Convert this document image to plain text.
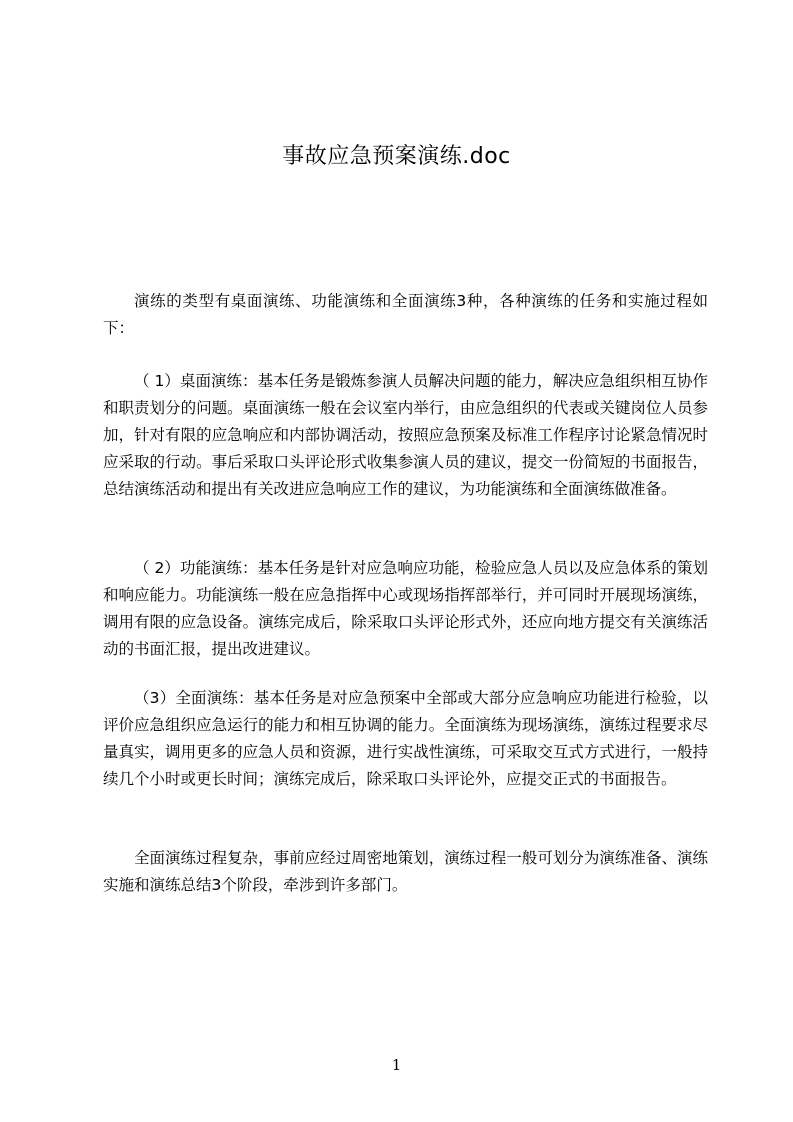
事故应急预案演练.doc

演练的类型有桌面演练、功能演练和全面演练3种，各种演练的任务和实施过程如下：

（ 1）桌面演练：基本任务是锻炼参演人员解决问题的能力，解决应急组织相互协作和职责划分的问题。桌面演练一般在会议室内举行，由应急组织的代表或关键岗位人员参加，针对有限的应急响应和内部协调活动，按照应急预案及标准工作程序讨论紧急情况时应采取的行动。事后采取口头评论形式收集参演人员的建议，提交一份简短的书面报告，总结演练活动和提出有关改进应急响应工作的建议，为功能演练和全面演练做准备。

（ 2）功能演练：基本任务是针对应急响应功能，检验应急人员以及应急体系的策划和响应能力。功能演练一般在应急指挥中心或现场指挥部举行，并可同时开展现场演练，调用有限的应急设备。演练完成后，除采取口头评论形式外，还应向地方提交有关演练活动的书面汇报，提出改进建议。

（3）全面演练：基本任务是对应急预案中全部或大部分应急响应功能进行检验，以评价应急组织应急运行的能力和相互协调的能力。全面演练为现场演练，演练过程要求尽量真实，调用更多的应急人员和资源，进行实战性演练，可采取交互式方式进行，一般持续几个小时或更长时间；演练完成后，除采取口头评论外，应提交正式的书面报告。

全面演练过程复杂，事前应经过周密地策划，演练过程一般可划分为演练准备、演练实施和演练总结3个阶段，牵涉到许多部门。

1
